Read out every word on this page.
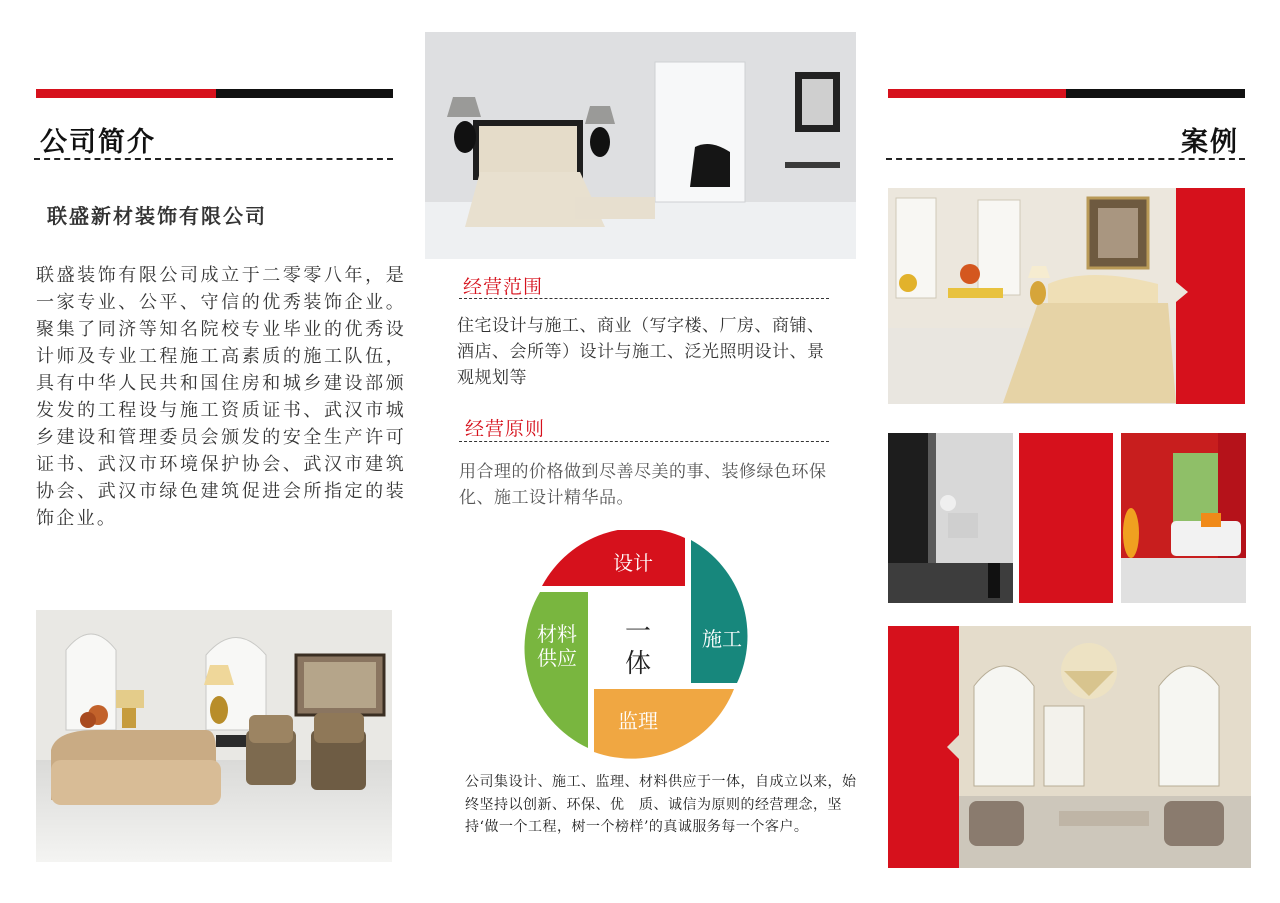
公司简介
联盛新材装饰有限公司
联盛装饰有限公司成立于二零零八年，是一家专业、公平、守信的优秀装饰企业。聚集了同济等知名院校专业毕业的优秀设计师及专业工程施工高素质的施工队伍，具有中华人民共和国住房和城乡建设部颁发发的工程设与施工资质证书、武汉市城乡建设和管理委员会颁发的安全生产许可证书、武汉市环境保护协会、武汉市建筑协会、武汉市绿色建筑促进会所指定的装饰企业。
经营范围
住宅设计与施工、商业（写字楼、厂房、商铺、酒店、会所等）设计与施工、泛光照明设计、景观规划等
经营原则
用合理的价格做到尽善尽美的事、装修绿色环保化、施工设计精华品。
设计
施工
监理
材料供应
一体
公司集设计、施工、监理、材料供应于一体，自成立以来，始终坚持以创新、环保、优　质、诚信为原则的经营理念，坚持‘做一个工程，树一个榜样’的真诚服务每一个客户。
案例
